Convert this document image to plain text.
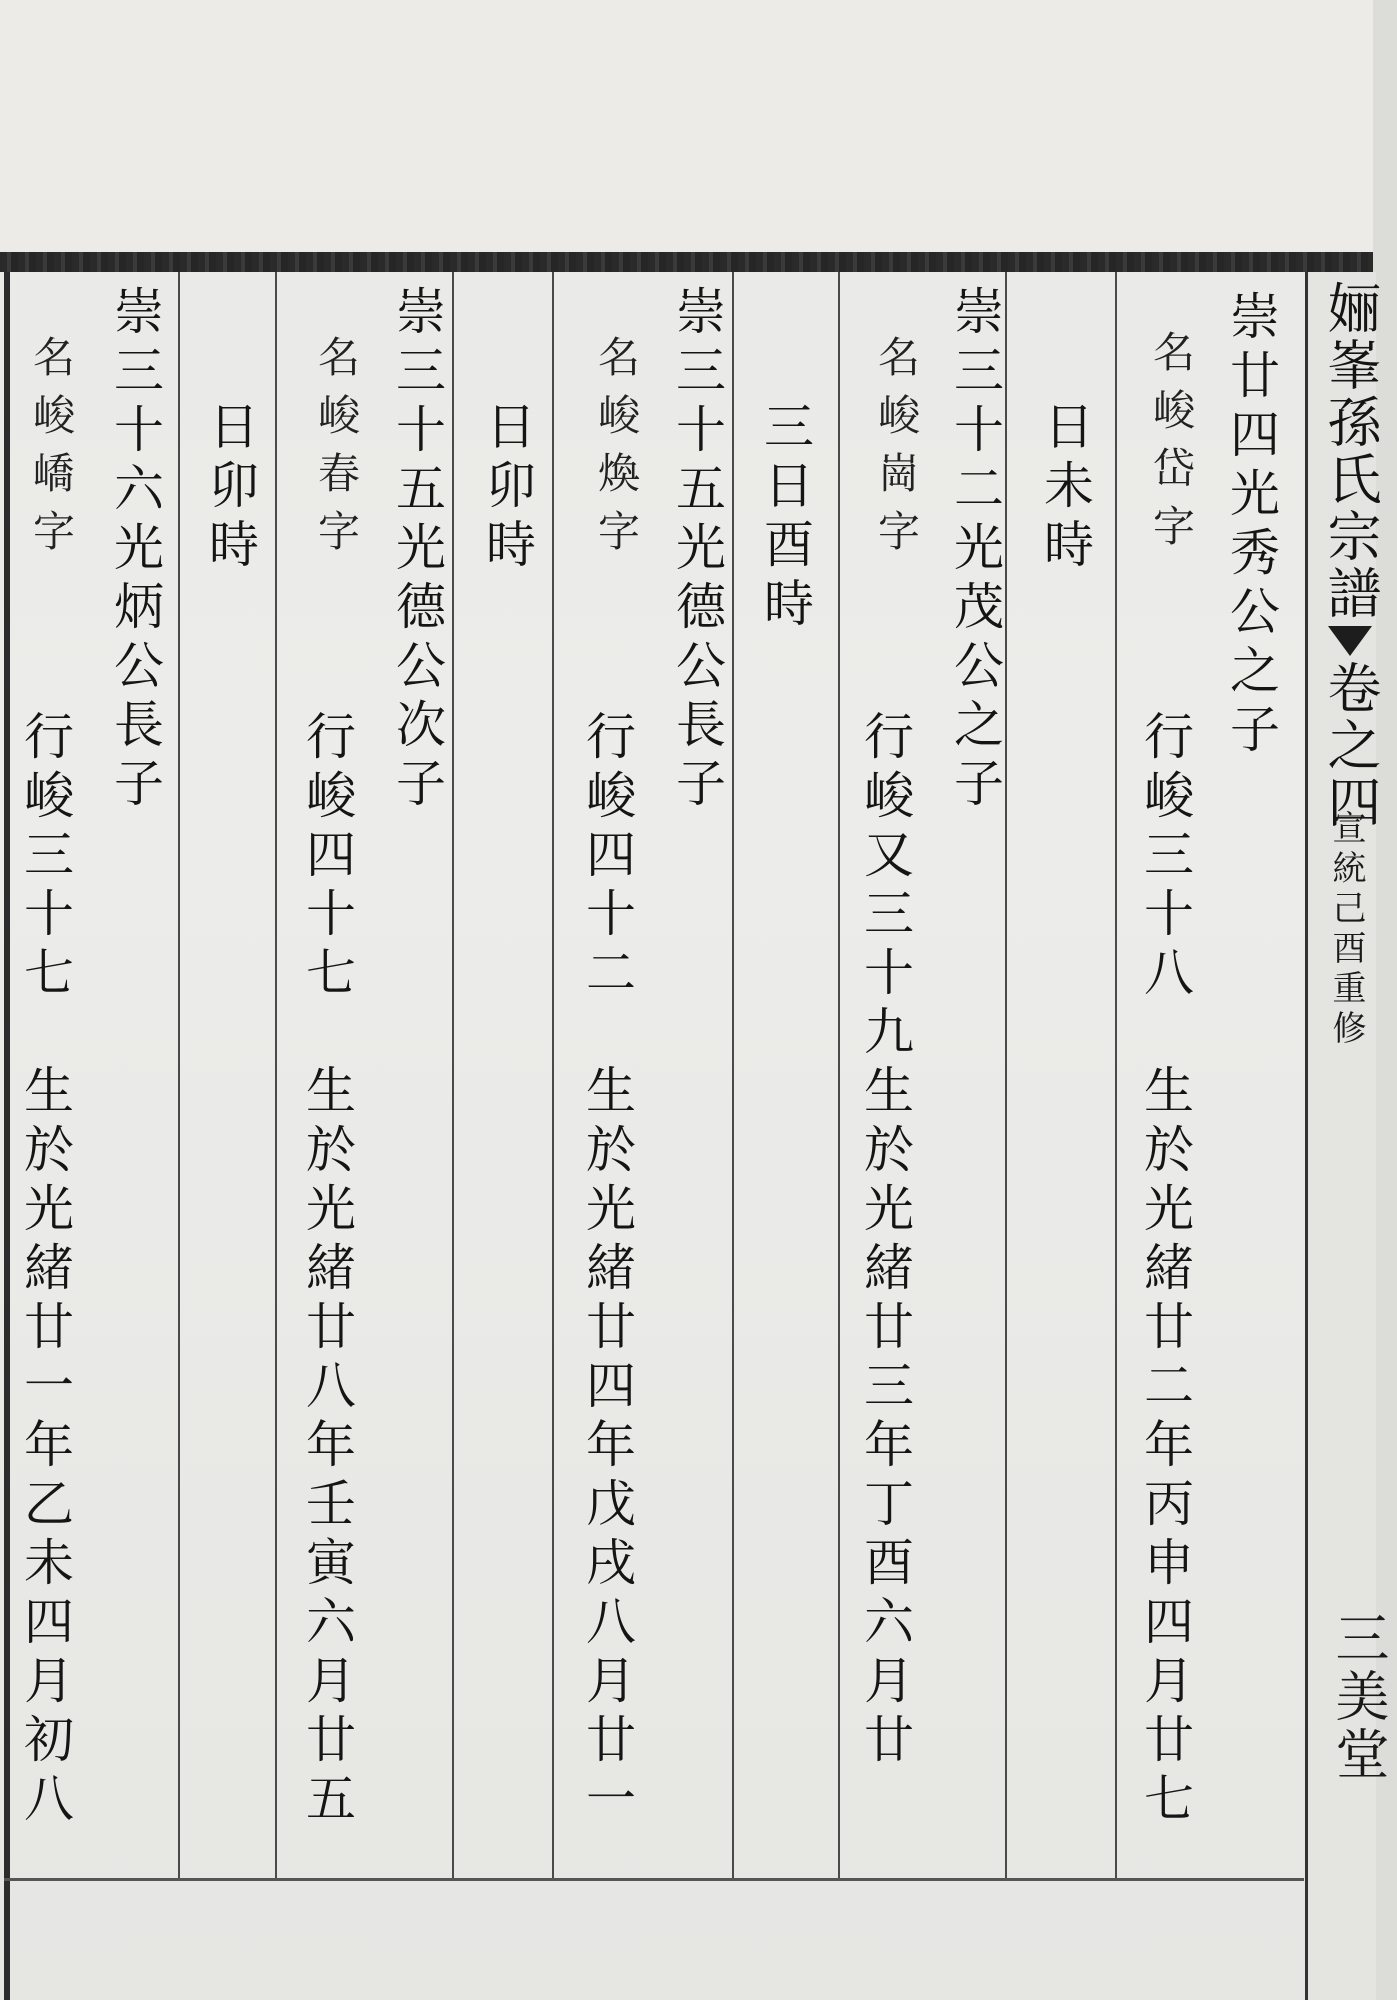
㛤峯孫氏宗譜卷之四
宣統己酉重修
三美堂
崇廿四光秀公之子
名峻岱字
行峻三十八　生於光緒廿二年丙申四月廿七
日未時
崇三十二光茂公之子
名峻崗字
行峻又三十九生於光緒廿三年丁酉六月廿
三日酉時
崇三十五光德公長子
名峻煥字
行峻四十二　生於光緒廿四年戊戌八月廿一
日卯時
崇三十五光德公次子
名峻春字
行峻四十七　生於光緒廿八年壬寅六月廿五
日卯時
崇三十六光炳公長子
名峻嶠字
行峻三十七　生於光緒廿一年乙未四月初八
